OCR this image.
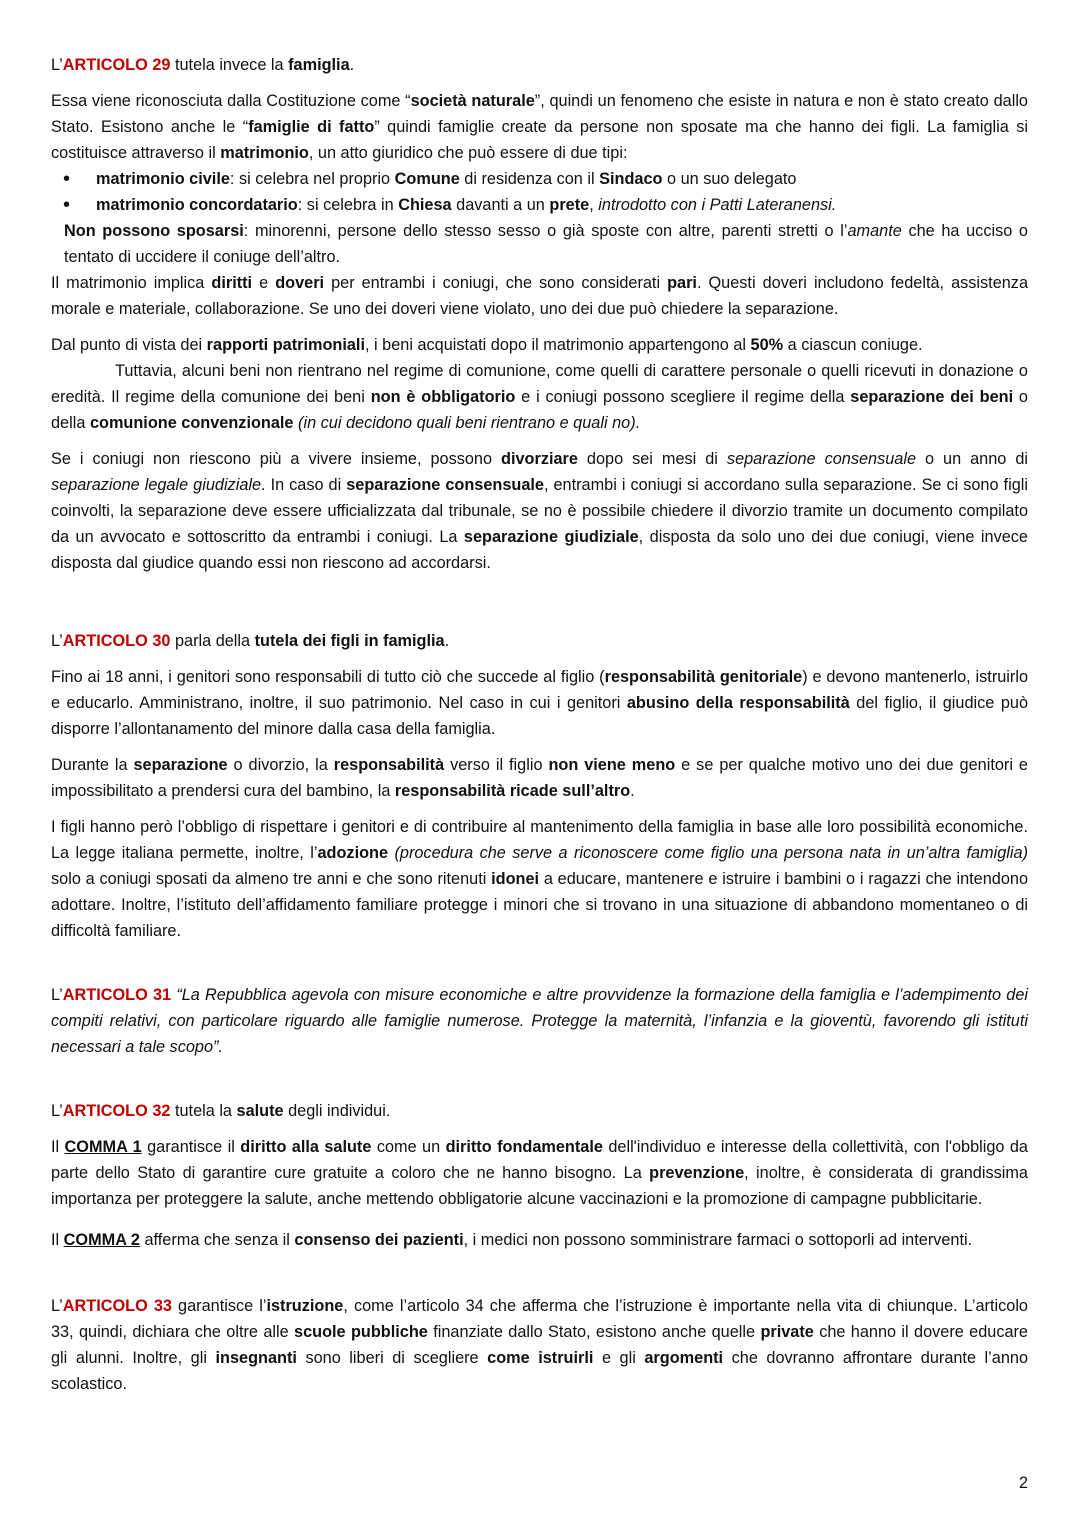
L’ARTICOLO 29 tutela invece la famiglia.

Essa viene riconosciuta dalla Costituzione come “società naturale”, quindi un fenomeno che esiste in natura e non è stato creato dallo Stato. Esistono anche le “famiglie di fatto” quindi famiglie create da persone non sposate ma che hanno dei figli. La famiglia si costituisce attraverso il matrimonio, un atto giuridico che può essere di due tipi:

• matrimonio civile: si celebra nel proprio Comune di residenza con il Sindaco o un suo delegato
• matrimonio concordatario: si celebra in Chiesa davanti a un prete, introdotto con i Patti Lateranensi.

Non possono sposarsi: minorenni, persone dello stesso sesso o già sposte con altre, parenti stretti o l’amante che ha ucciso o tentato di uccidere il coniuge dell’altro.

Il matrimonio implica diritti e doveri per entrambi i coniugi, che sono considerati pari. Questi doveri includono fedeltà, assistenza morale e materiale, collaborazione. Se uno dei doveri viene violato, uno dei due può chiedere la separazione.

Dal punto di vista dei rapporti patrimoniali, i beni acquistati dopo il matrimonio appartengono al 50% a ciascun coniuge.

Tuttavia, alcuni beni non rientrano nel regime di comunione, come quelli di carattere personale o quelli ricevuti in donazione o eredità. Il regime della comunione dei beni non è obbligatorio e i coniugi possono scegliere il regime della separazione dei beni o della comunione convenzionale (in cui decidono quali beni rientrano e quali no).

Se i coniugi non riescono più a vivere insieme, possono divorziare dopo sei mesi di separazione consensuale o un anno di separazione legale giudiziale. In caso di separazione consensuale, entrambi i coniugi si accordano sulla separazione. Se ci sono figli coinvolti, la separazione deve essere ufficializzata dal tribunale, se no è possibile chiedere il divorzio tramite un documento compilato da un avvocato e sottoscritto da entrambi i coniugi. La separazione giudiziale, disposta da solo uno dei due coniugi, viene invece disposta dal giudice quando essi non riescono ad accordarsi.

L’ARTICOLO 30 parla della tutela dei figli in famiglia.

Fino ai 18 anni, i genitori sono responsabili di tutto ciò che succede al figlio (responsabilità genitoriale) e devono mantenerlo, istruirlo e educarlo. Amministrano, inoltre, il suo patrimonio. Nel caso in cui i genitori abusino della responsabilità del figlio, il giudice può disporre l’allontanamento del minore dalla casa della famiglia.

Durante la separazione o divorzio, la responsabilità verso il figlio non viene meno e se per qualche motivo uno dei due genitori e impossibilitato a prendersi cura del bambino, la responsabilità ricade sull’altro.

I figli hanno però l’obbligo di rispettare i genitori e di contribuire al mantenimento della famiglia in base alle loro possibilità economiche. La legge italiana permette, inoltre, l’adozione (procedura che serve a riconoscere come figlio una persona nata in un’altra famiglia) solo a coniugi sposati da almeno tre anni e che sono ritenuti idonei a educare, mantenere e istruire i bambini o i ragazzi che intendono adottare. Inoltre, l’istituto dell’affidamento familiare protegge i minori che si trovano in una situazione di abbandono momentaneo o di difficoltà familiare.

L’ARTICOLO 31 “La Repubblica agevola con misure economiche e altre provvidenze la formazione della famiglia e l’adempimento dei compiti relativi, con particolare riguardo alle famiglie numerose. Protegge la maternità, l’infanzia e la gioventù, favorendo gli istituti necessari a tale scopo”.

L’ARTICOLO 32 tutela la salute degli individui.

Il COMMA 1 garantisce il diritto alla salute come un diritto fondamentale dell'individuo e interesse della collettività, con l'obbligo da parte dello Stato di garantire cure gratuite a coloro che ne hanno bisogno. La prevenzione, inoltre, è considerata di grandissima importanza per proteggere la salute, anche mettendo obbligatorie alcune vaccinazioni e la promozione di campagne pubblicitarie.

Il COMMA 2 afferma che senza il consenso dei pazienti, i medici non possono somministrare farmaci o sottoporli ad interventi.

L’ARTICOLO 33 garantisce l’istruzione, come l’articolo 34 che afferma che l’istruzione è importante nella vita di chiunque. L’articolo 33, quindi, dichiara che oltre alle scuole pubbliche finanziate dallo Stato, esistono anche quelle private che hanno il dovere educare gli alunni. Inoltre, gli insegnanti sono liberi di scegliere come istruirli e gli argomenti che dovranno affrontare durante l’anno scolastico.

2
